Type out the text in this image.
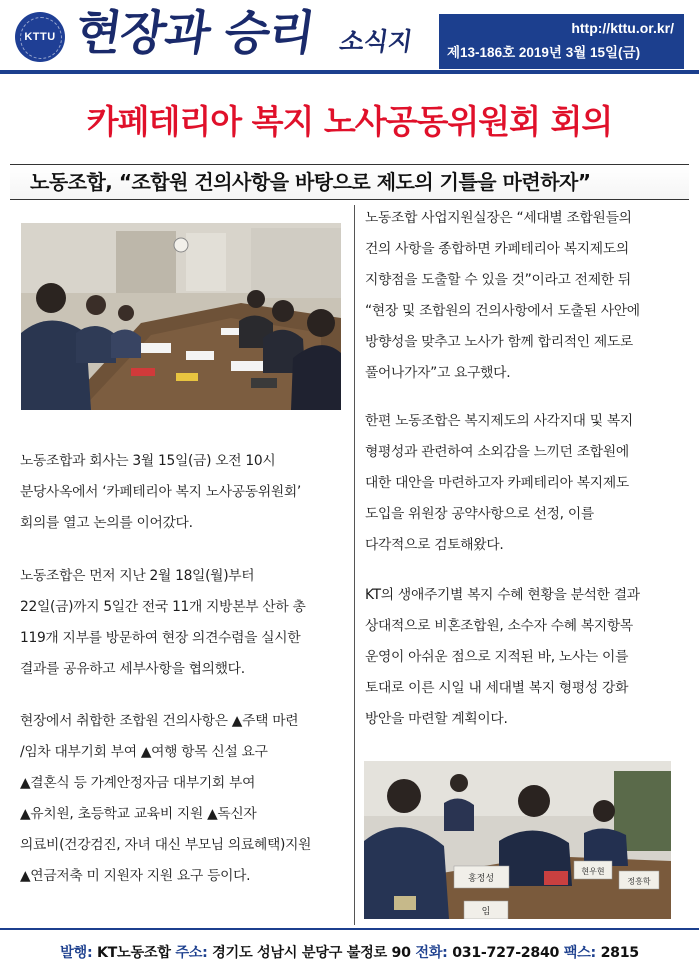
KTTU 현장과 승리 소식지	http://kttu.or.kr/
제13-186호 2019년 3월 15일(금)
카페테리아 복지 노사공동위원회 회의
노동조합, “조합원 건의사항을 바탕으로 제도의 기틀을 마련하자”

노동조합과 회사는 3월 15일(금) 오전 10시
분당사옥에서 ‘카페테리아 복지 노사공동위원회’
회의를 열고 논의를 이어갔다.

노동조합은 먼저 지난 2월 18일(월)부터
22일(금)까지 5일간 전국 11개 지방본부 산하 총
119개 지부를 방문하여 현장 의견수렴을 실시한
결과를 공유하고 세부사항을 협의했다.

현장에서 취합한 조합원 건의사항은 ▲주택 마련
/임차 대부기회 부여 ▲여행 항목 신설 요구
▲결혼식 등 가계안정자금 대부기회 부여
▲유치원, 초등학교 교육비 지원 ▲독신자
의료비(건강검진, 자녀 대신 부모님 의료혜택)지원
▲연금저축 미 지원자 지원 요구 등이다.

노동조합 사업지원실장은 “세대별 조합원들의
건의 사항을 종합하면 카페테리아 복지제도의
지향점을 도출할 수 있을 것”이라고 전제한 뒤
“현장 및 조합원의 건의사항에서 도출된 사안에
방향성을 맞추고 노사가 함께 합리적인 제도로
풀어나가자”고 요구했다.

한편 노동조합은 복지제도의 사각지대 및 복지
형평성과 관련하여 소외감을 느끼던 조합원에
대한 대안을 마련하고자 카페테리아 복지제도
도입을 위원장 공약사항으로 선정, 이를
다각적으로 검토해왔다.

KT의 생애주기별 복지 수혜 현황을 분석한 결과
상대적으로 비혼조합원, 소수자 수혜 복지항목
운영이 아쉬운 점으로 지적된 바, 노사는 이를
토대로 이른 시일 내 세대별 복지 형평성 강화
방안을 마련할 계획이다.

홍정성
현우현
정흥학
임
발행: KT노동조합 주소: 경기도 성남시 분당구 불정로 90 전화: 031-727-2840 팩스: 2815
